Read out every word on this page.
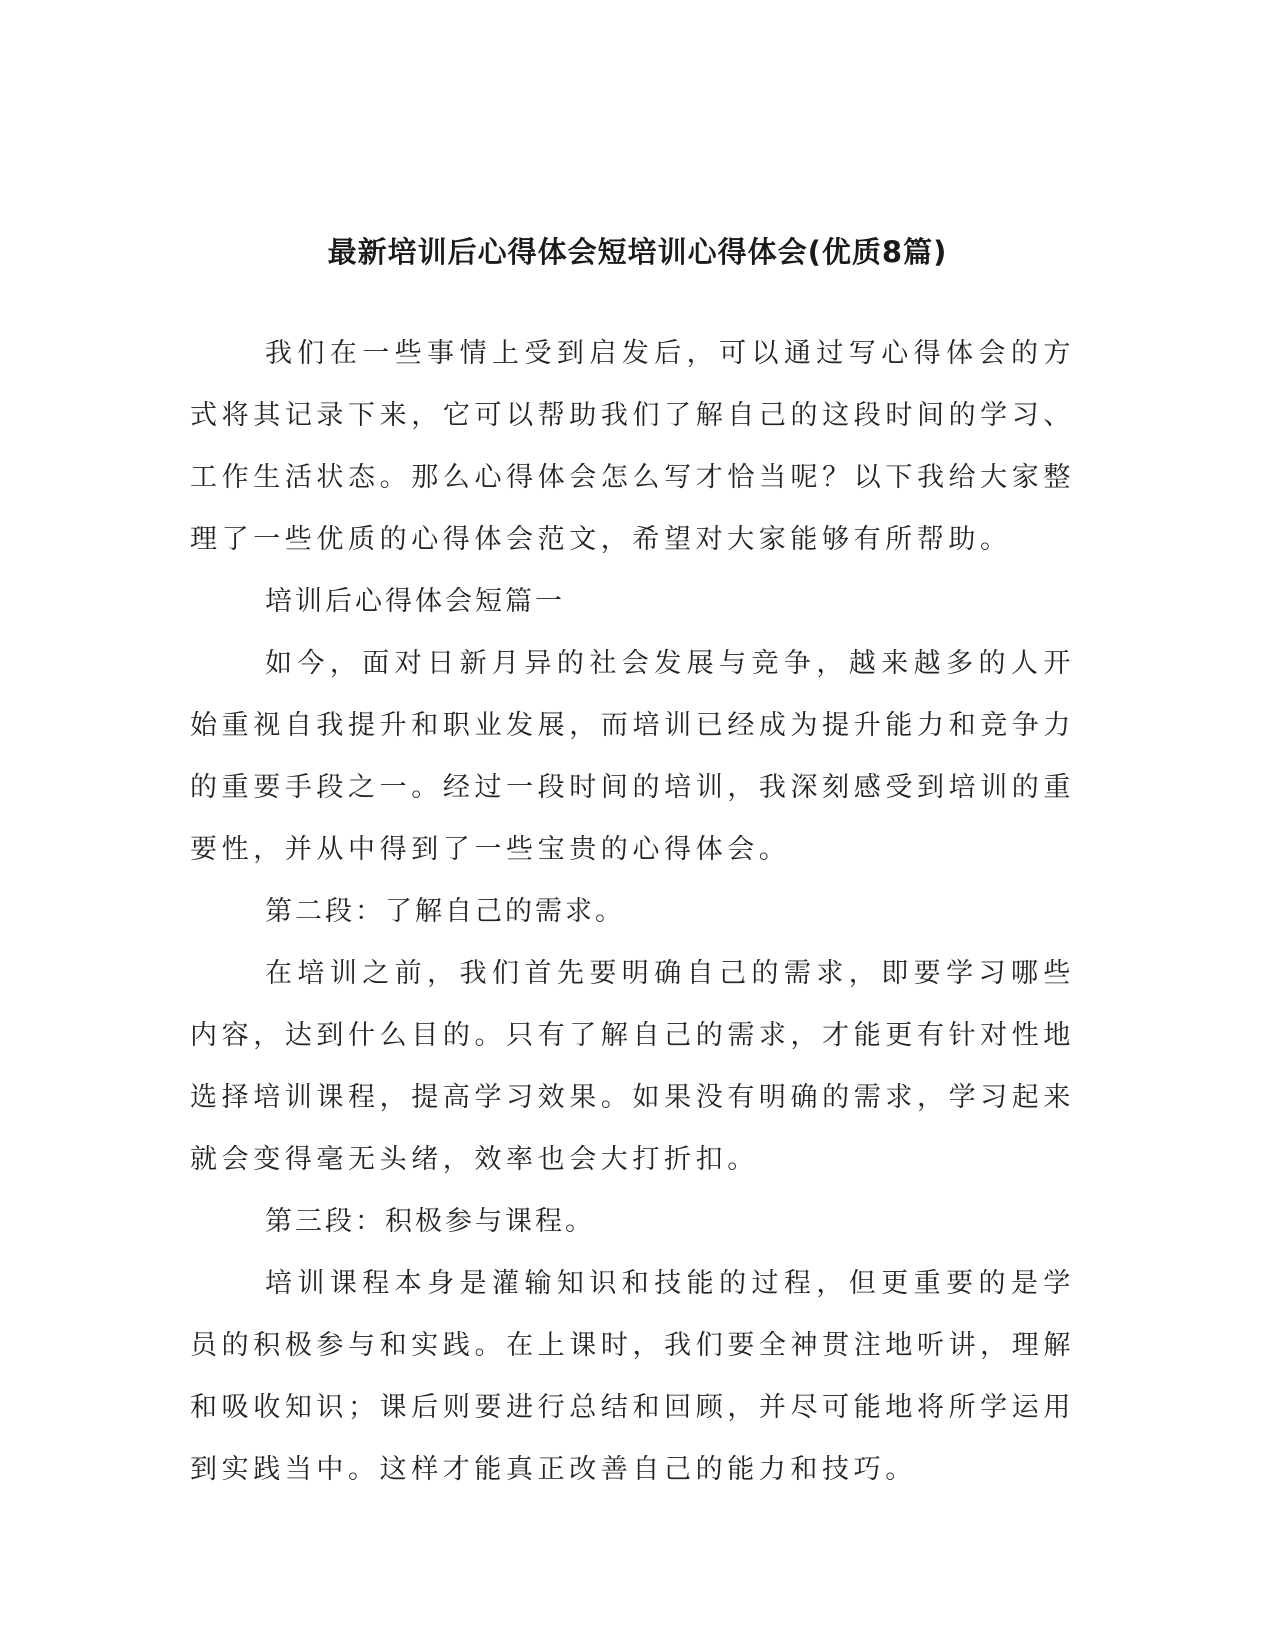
最新培训后心得体会短培训心得体会(优质8篇)

我们在一些事情上受到启发后，可以通过写心得体会的方式将其记录下来，它可以帮助我们了解自己的这段时间的学习、工作生活状态。那么心得体会怎么写才恰当呢？以下我给大家整理了一些优质的心得体会范文，希望对大家能够有所帮助。

培训后心得体会短篇一

如今，面对日新月异的社会发展与竞争，越来越多的人开始重视自我提升和职业发展，而培训已经成为提升能力和竞争力的重要手段之一。经过一段时间的培训，我深刻感受到培训的重要性，并从中得到了一些宝贵的心得体会。

第二段：了解自己的需求。

在培训之前，我们首先要明确自己的需求，即要学习哪些内容，达到什么目的。只有了解自己的需求，才能更有针对性地选择培训课程，提高学习效果。如果没有明确的需求，学习起来就会变得毫无头绪，效率也会大打折扣。

第三段：积极参与课程。

培训课程本身是灌输知识和技能的过程，但更重要的是学员的积极参与和实践。在上课时，我们要全神贯注地听讲，理解和吸收知识；课后则要进行总结和回顾，并尽可能地将所学运用到实践当中。这样才能真正改善自己的能力和技巧。
